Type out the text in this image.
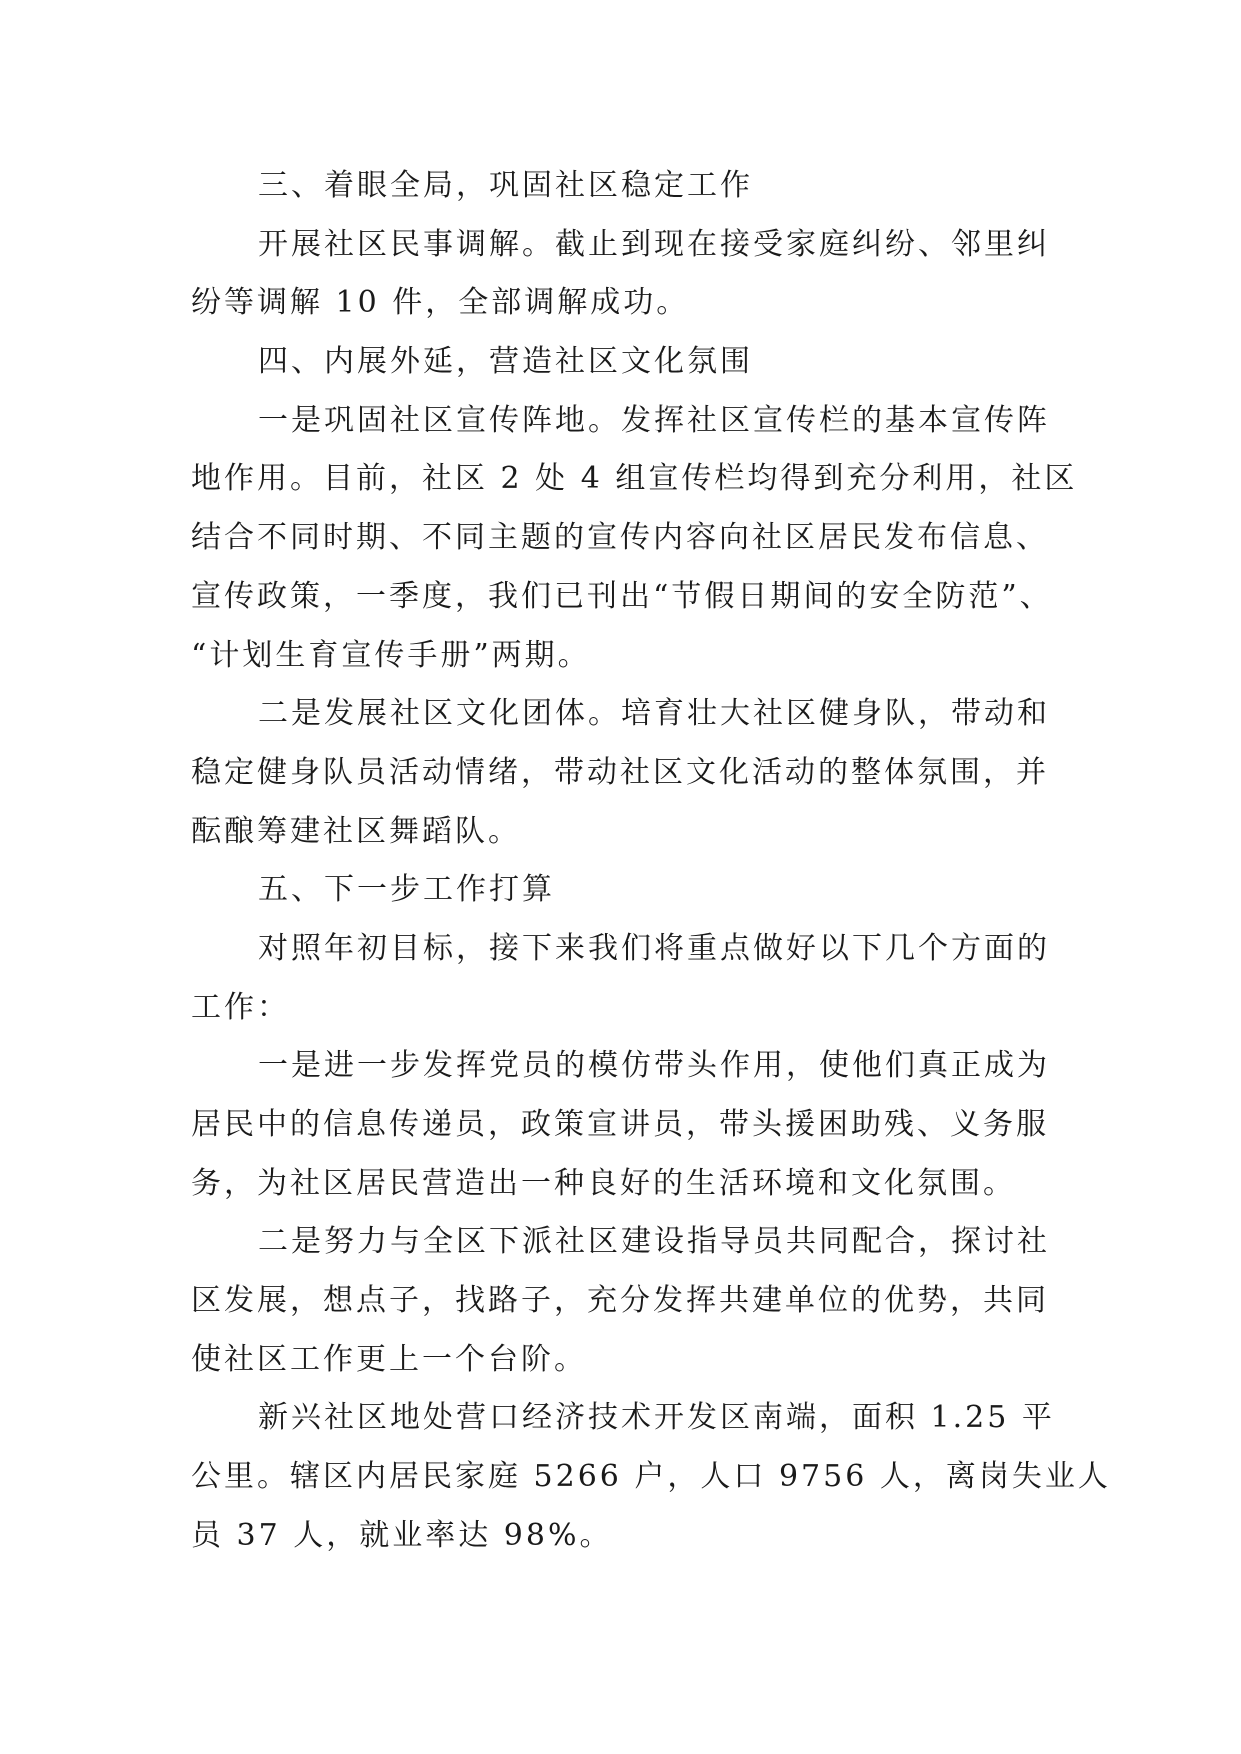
三、着眼全局，巩固社区稳定工作
开展社区民事调解。截止到现在接受家庭纠纷、邻里纠
纷等调解 10 件，全部调解成功。
四、内展外延，营造社区文化氛围
一是巩固社区宣传阵地。发挥社区宣传栏的基本宣传阵
地作用。目前，社区 2 处 4 组宣传栏均得到充分利用，社区
结合不同时期、不同主题的宣传内容向社区居民发布信息、
宣传政策，一季度，我们已刊出“节假日期间的安全防范”、
“计划生育宣传手册”两期。
二是发展社区文化团体。培育壮大社区健身队，带动和
稳定健身队员活动情绪，带动社区文化活动的整体氛围，并
酝酿筹建社区舞蹈队。
五、下一步工作打算
对照年初目标，接下来我们将重点做好以下几个方面的
工作：
一是进一步发挥党员的模仿带头作用，使他们真正成为
居民中的信息传递员，政策宣讲员，带头援困助残、义务服
务，为社区居民营造出一种良好的生活环境和文化氛围。
二是努力与全区下派社区建设指导员共同配合，探讨社
区发展，想点子，找路子，充分发挥共建单位的优势，共同
使社区工作更上一个台阶。
新兴社区地处营口经济技术开发区南端，面积 1.25 平
公里。辖区内居民家庭 5266 户，人口 9756 人，离岗失业人
员 37 人，就业率达 98%。
